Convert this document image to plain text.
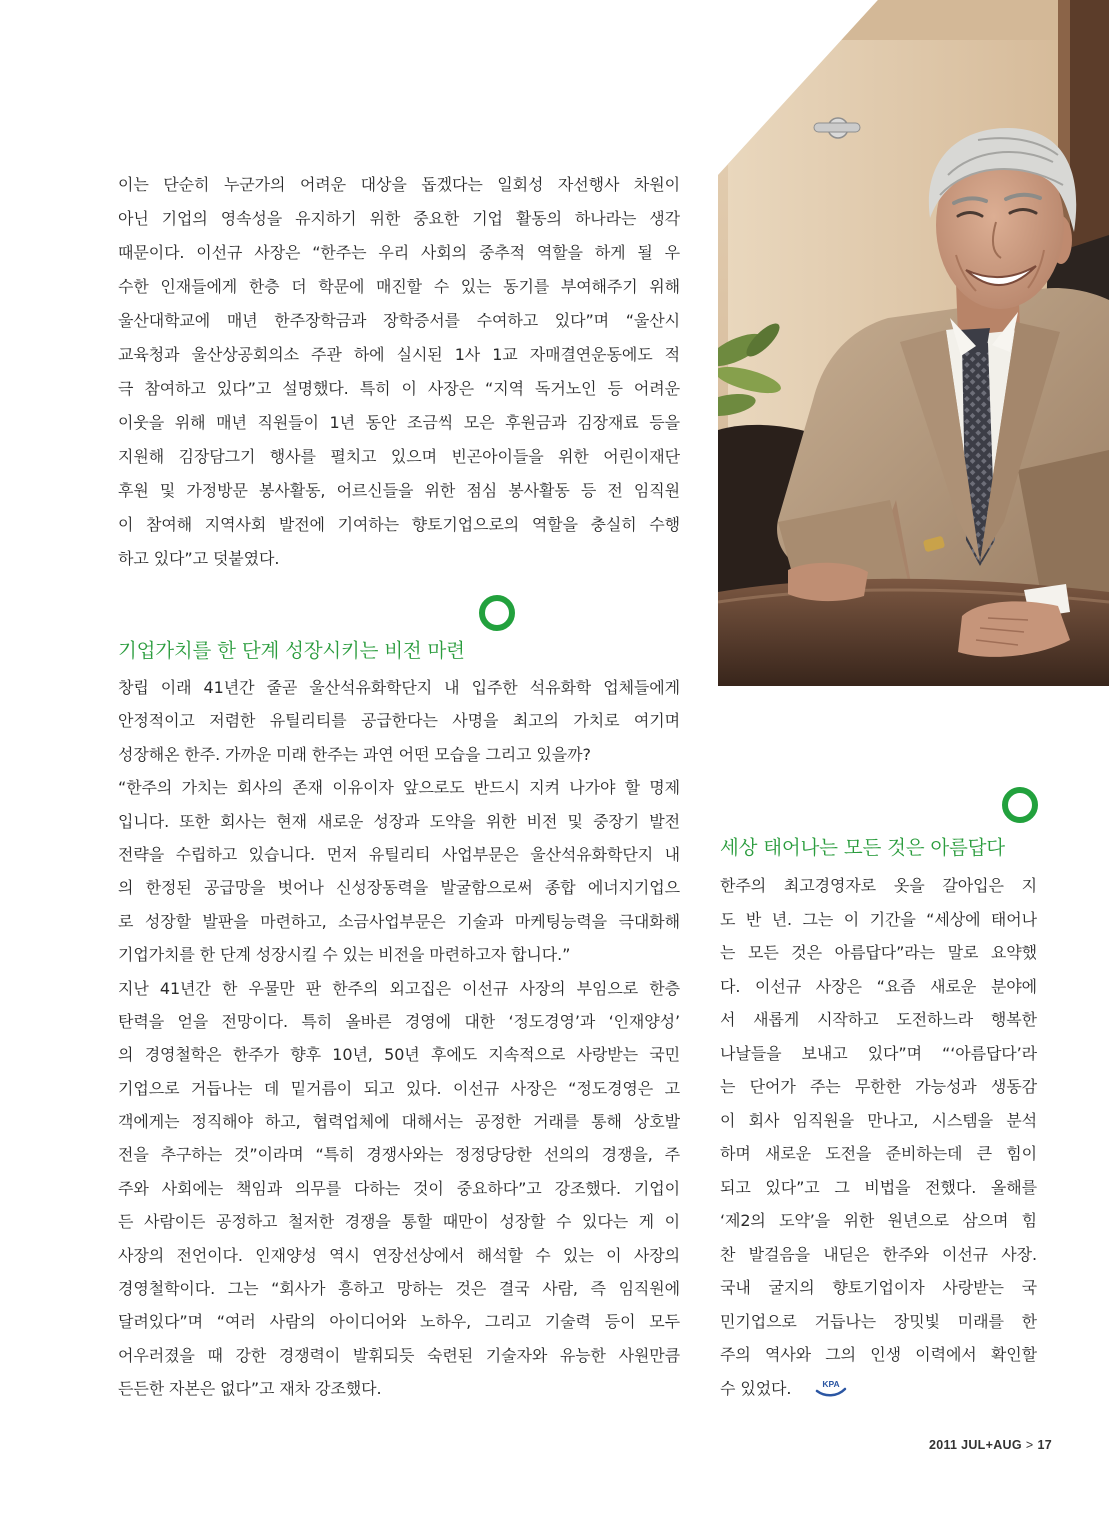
이는 단순히 누군가의 어려운 대상을 돕겠다는 일회성 자선행사 차원이
아닌 기업의 영속성을 유지하기 위한 중요한 기업 활동의 하나라는 생각
때문이다. 이선규 사장은 “한주는 우리 사회의 중추적 역할을 하게 될 우
수한 인재들에게 한층 더 학문에 매진할 수 있는 동기를 부여해주기 위해
울산대학교에 매년 한주장학금과 장학증서를 수여하고 있다”며 “울산시
교육청과 울산상공회의소 주관 하에 실시된 1사 1교 자매결연운동에도 적
극 참여하고 있다”고 설명했다. 특히 이 사장은 “지역 독거노인 등 어려운
이웃을 위해 매년 직원들이 1년 동안 조금씩 모은 후원금과 김장재료 등을
지원해 김장담그기 행사를 펼치고 있으며 빈곤아이들을 위한 어린이재단
후원 및 가정방문 봉사활동, 어르신들을 위한 점심 봉사활동 등 전 임직원
이 참여해 지역사회 발전에 기여하는 향토기업으로의 역할을 충실히 수행
하고 있다”고 덧붙였다.
기업가치를 한 단계 성장시키는 비전 마련
창립 이래 41년간 줄곧 울산석유화학단지 내 입주한 석유화학 업체들에게
안정적이고 저렴한 유틸리티를 공급한다는 사명을 최고의 가치로 여기며
성장해온 한주. 가까운 미래 한주는 과연 어떤 모습을 그리고 있을까?
“한주의 가치는 회사의 존재 이유이자 앞으로도 반드시 지켜 나가야 할 명제
입니다. 또한 회사는 현재 새로운 성장과 도약을 위한 비전 및 중장기 발전
전략을 수립하고 있습니다. 먼저 유틸리티 사업부문은 울산석유화학단지 내
의 한정된 공급망을 벗어나 신성장동력을 발굴함으로써 종합 에너지기업으
로 성장할 발판을 마련하고, 소금사업부문은 기술과 마케팅능력을 극대화해
기업가치를 한 단계 성장시킬 수 있는 비전을 마련하고자 합니다.”
지난 41년간 한 우물만 판 한주의 외고집은 이선규 사장의 부임으로 한층
탄력을 얻을 전망이다. 특히 올바른 경영에 대한 ‘정도경영’과 ‘인재양성’
의 경영철학은 한주가 향후 10년, 50년 후에도 지속적으로 사랑받는 국민
기업으로 거듭나는 데 밑거름이 되고 있다. 이선규 사장은 “정도경영은 고
객에게는 정직해야 하고, 협력업체에 대해서는 공정한 거래를 통해 상호발
전을 추구하는 것”이라며 “특히 경쟁사와는 정정당당한 선의의 경쟁을, 주
주와 사회에는 책임과 의무를 다하는 것이 중요하다”고 강조했다. 기업이
든 사람이든 공정하고 철저한 경쟁을 통할 때만이 성장할 수 있다는 게 이
사장의 전언이다. 인재양성 역시 연장선상에서 해석할 수 있는 이 사장의
경영철학이다. 그는 “회사가 흥하고 망하는 것은 결국 사람, 즉 임직원에
달려있다”며 “여러 사람의 아이디어와 노하우, 그리고 기술력 등이 모두
어우러졌을 때 강한 경쟁력이 발휘되듯 숙련된 기술자와 유능한 사원만큼
든든한 자본은 없다”고 재차 강조했다.
세상 태어나는 모든 것은 아름답다
한주의 최고경영자로 옷을 갈아입은 지
도 반 년. 그는 이 기간을 “세상에 태어나
는 모든 것은 아름답다”라는 말로 요약했
다. 이선규 사장은 “요즘 새로운 분야에
서 새롭게 시작하고 도전하느라 행복한
나날들을 보내고 있다”며 “‘아름답다’라
는 단어가 주는 무한한 가능성과 생동감
이 회사 임직원을 만나고, 시스템을 분석
하며 새로운 도전을 준비하는데 큰 힘이
되고 있다”고 그 비법을 전했다. 올해를
‘제2의 도약’을 위한 원년으로 삼으며 힘
찬 발걸음을 내딛은 한주와 이선규 사장.
국내 굴지의 향토기업이자 사랑받는 국
민기업으로 거듭나는 장밋빛 미래를 한
주의 역사와 그의 인생 이력에서 확인할
수 있었다.	KPA
2011 JUL+AUG > 17
